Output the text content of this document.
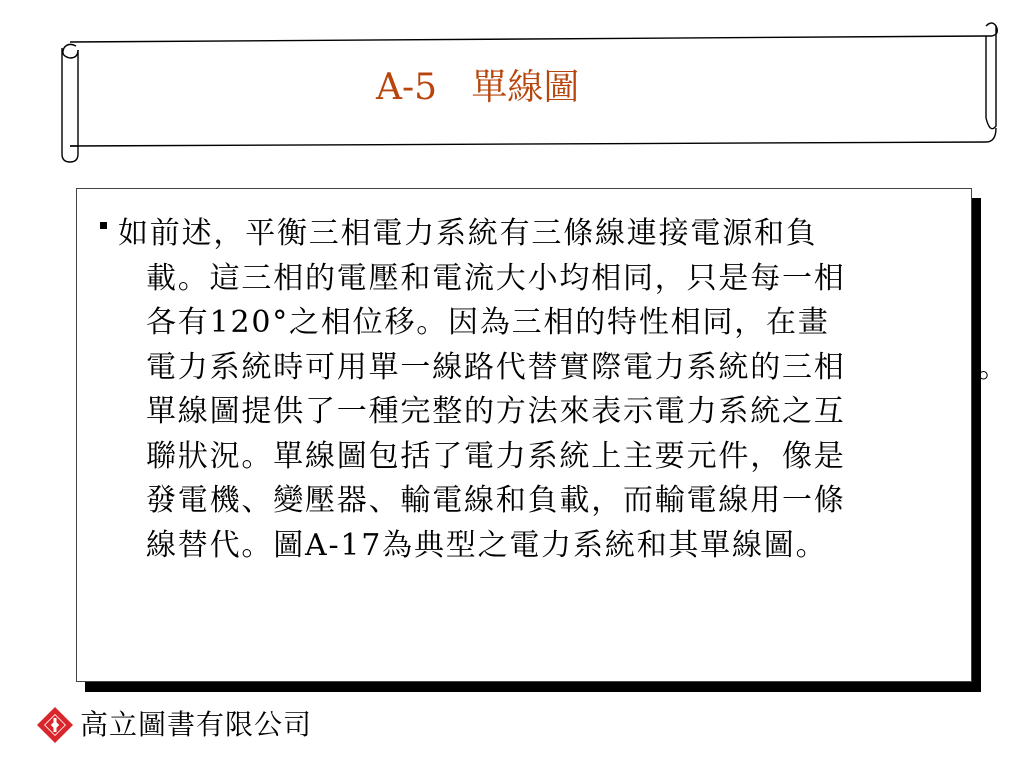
A-5   單線圖
如前述，平衡三相電力系統有三條線連接電源和負
載。這三相的電壓和電流大小均相同，只是每一相
各有120°之相位移。因為三相的特性相同，在畫
電力系統時可用單一線路代替實際電力系統的三相
單線圖提供了一種完整的方法來表示電力系統之互
聯狀況。單線圖包括了電力系統上主要元件，像是
發電機、變壓器、輸電線和負載，而輸電線用一條
線替代。圖A-17為典型之電力系統和其單線圖。
。
高立圖書有限公司
